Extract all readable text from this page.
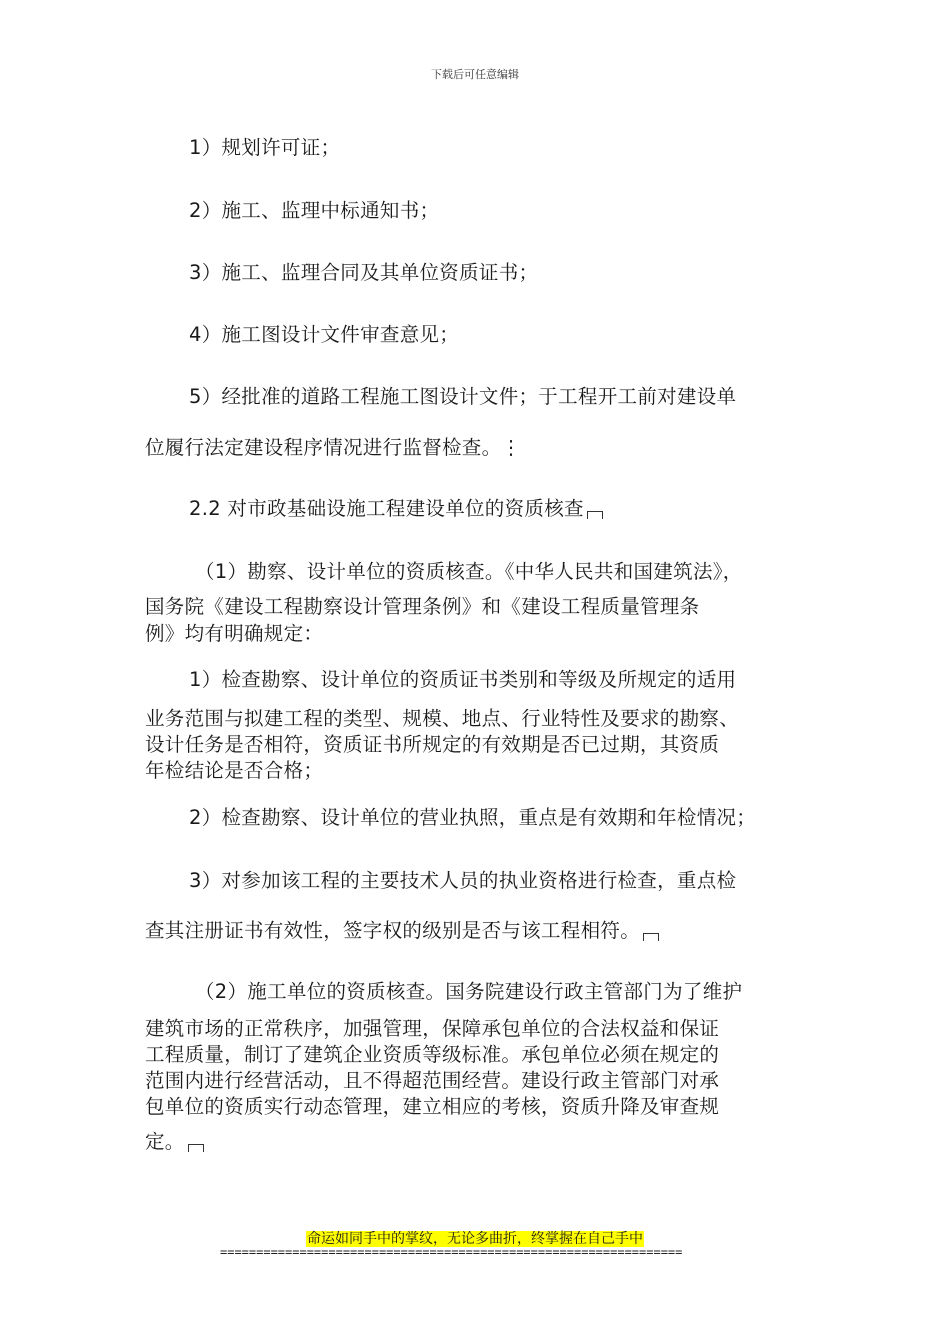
下载后可任意编辑
1）规划许可证；
2）施工、监理中标通知书；
3）施工、监理合同及其单位资质证书；
4）施工图设计文件审查意见；
5）经批准的道路工程施工图设计文件；于工程开工前对建设单
位履行法定建设程序情况进行监督检查。⋮
2.2 对市政基础设施工程建设单位的资质核查
（1）勘察、设计单位的资质核查。《中华人民共和国建筑法》，
国务院《建设工程勘察设计管理条例》和《建设工程质量管理条
例》均有明确规定：
1）检查勘察、设计单位的资质证书类别和等级及所规定的适用
业务范围与拟建工程的类型、规模、地点、行业特性及要求的勘察、
设计任务是否相符，资质证书所规定的有效期是否已过期，其资质
年检结论是否合格；
2）检查勘察、设计单位的营业执照，重点是有效期和年检情况；
3）对参加该工程的主要技术人员的执业资格进行检查，重点检
查其注册证书有效性，签字权的级别是否与该工程相符。
（2）施工单位的资质核查。国务院建设行政主管部门为了维护
建筑市场的正常秩序，加强管理，保障承包单位的合法权益和保证
工程质量，制订了建筑企业资质等级标准。承包单位必须在规定的
范围内进行经营活动，且不得超范围经营。建设行政主管部门对承
包单位的资质实行动态管理，建立相应的考核，资质升降及审查规
定。
命运如同手中的掌纹，无论多曲折，终掌握在自己手中
================================================================
